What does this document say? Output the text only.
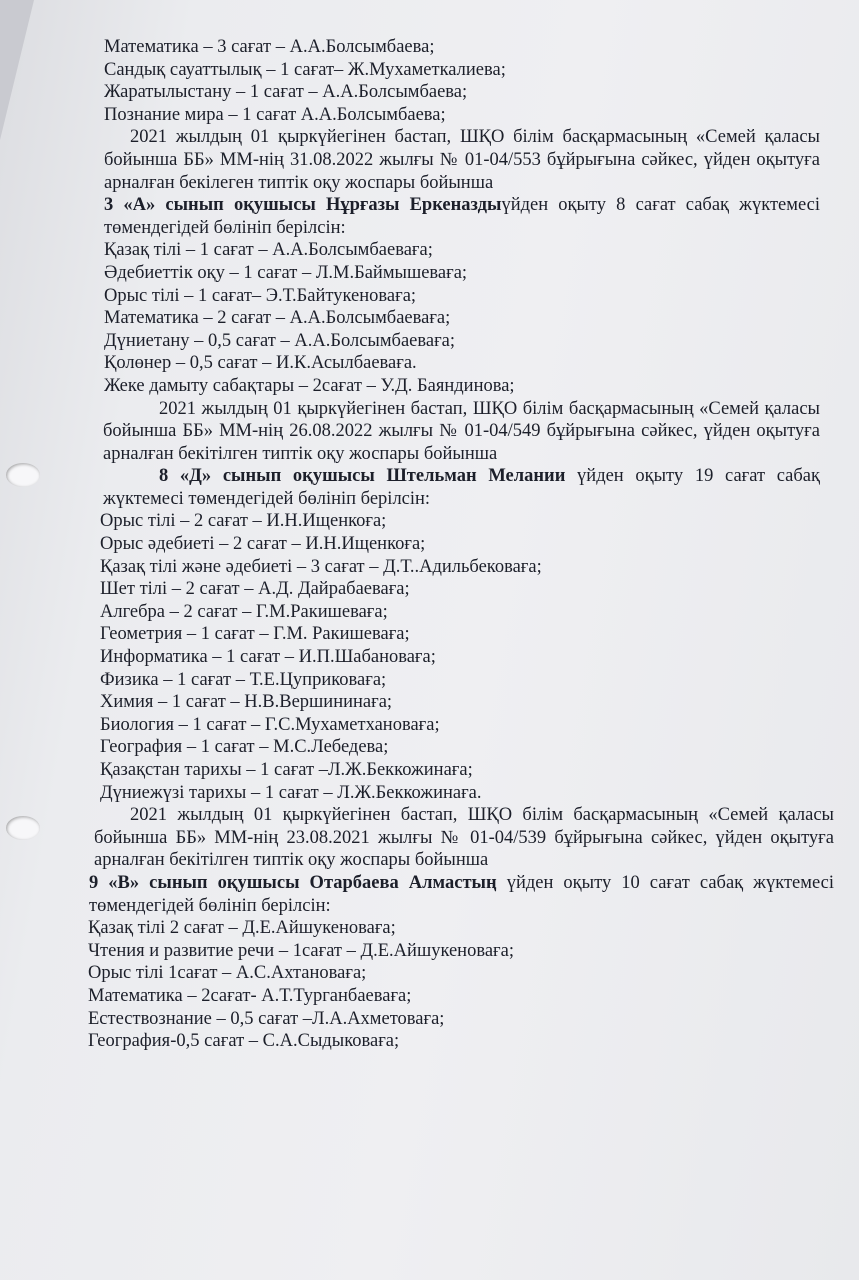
Математика – 3 сағат – А.А.Болсымбаева;
Сандық сауаттылық – 1 сағат– Ж.Мухаметкалиева;
Жаратылыстану – 1 сағат – А.А.Болсымбаева;
Познание мира – 1 сағат А.А.Болсымбаева;
2021 жылдың 01 қыркүйегінен бастап, ШҚО білім басқармасының «Семей қаласы бойынша ББ» ММ-нің 31.08.2022 жылғы № 01-04/553 бұйрығына сәйкес, үйден оқытуға арналған бекілеген типтік оқу жоспары бойынша
3 «А» сынып оқушысы Нұрғазы Еркеназдыүйден оқыту 8 сағат сабақ жүктемесі төмендегідей бөлініп берілсін:
Қазақ тілі – 1 сағат – А.А.Болсымбаеваға;
Әдебиеттік оқу – 1 сағат – Л.М.Баймышеваға;
Орыс тілі – 1 сағат– Э.Т.Байтукеноваға;
Математика – 2 сағат – А.А.Болсымбаеваға;
Дүниетану – 0,5 сағат – А.А.Болсымбаеваға;
Қолөнер – 0,5 сағат – И.К.Асылбаеваға.
Жеке дамыту сабақтары – 2сағат – У.Д. Баяндинова;
2021 жылдың 01 қыркүйегінен бастап, ШҚО білім басқармасының «Семей қаласы бойынша ББ» ММ-нің 26.08.2022 жылғы № 01-04/549 бұйрығына сәйкес, үйден оқытуға арналған бекітілген типтік оқу жоспары бойынша
8 «Д» сынып оқушысы Штельман Мелании үйден оқыту 19 сағат сабақ жүктемесі төмендегідей бөлініп берілсін:
Орыс тілі – 2 сағат – И.Н.Ищенкоға;
Орыс әдебиеті – 2 сағат – И.Н.Ищенкоға;
Қазақ тілі және әдебиеті – 3 сағат – Д.Т..Адильбековаға;
Шет тілі – 2 сағат – А.Д. Дайрабаеваға;
Алгебра – 2 сағат – Г.М.Ракишеваға;
Геометрия – 1 сағат – Г.М. Ракишеваға;
Информатика – 1 сағат – И.П.Шабановаға;
Физика – 1 сағат – Т.Е.Цуприковаға;
Химия – 1 сағат – Н.В.Вершининаға;
Биология – 1 сағат – Г.С.Мухаметхановаға;
География – 1 сағат – М.С.Лебедева;
Қазақстан тарихы – 1 сағат –Л.Ж.Беккожинаға;
Дүниежүзі тарихы – 1 сағат – Л.Ж.Беккожинаға.
2021 жылдың 01 қыркүйегінен бастап, ШҚО білім басқармасының «Семей қаласы бойынша ББ» ММ-нің 23.08.2021 жылғы № 01-04/539 бұйрығына сәйкес, үйден оқытуға арналған бекітілген типтік оқу жоспары бойынша
9 «В» сынып оқушысы Отарбаева Алмастың үйден оқыту 10 сағат сабақ жүктемесі төмендегідей бөлініп берілсін:
Қазақ тілі 2 сағат – Д.Е.Айшукеноваға;
Чтения и развитие речи – 1сағат – Д.Е.Айшукеноваға;
Орыс тілі 1сағат – А.С.Ахтановаға;
Математика – 2сағат- А.Т.Турганбаеваға;
Естествознание – 0,5 сағат –Л.А.Ахметоваға;
География-0,5 сағат – С.А.Сыдыковаға;
